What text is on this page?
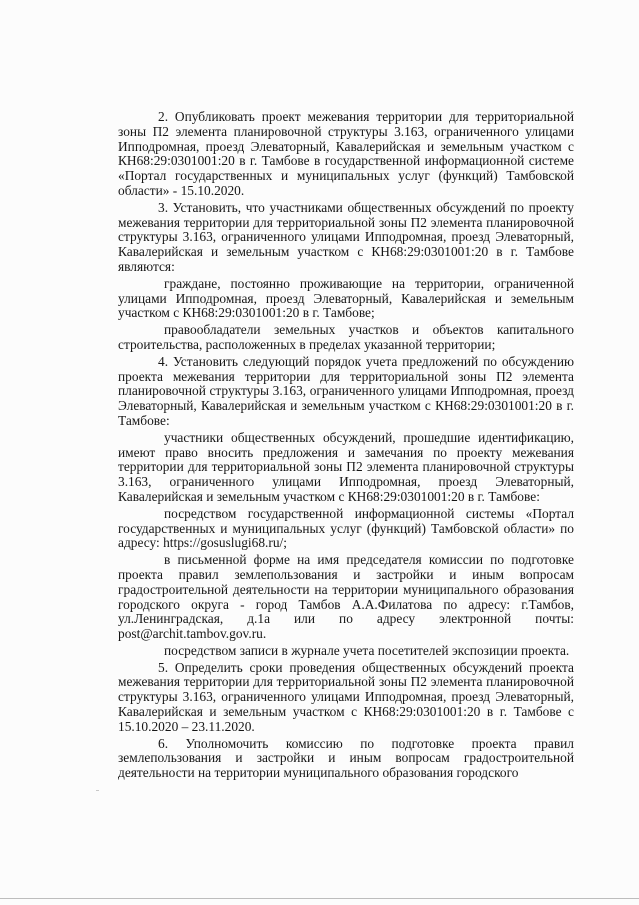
2. Опубликовать проект межевания территории для территориальной зоны П2 элемента планировочной структуры 3.163, ограниченного улицами Ипподромная, проезд Элеваторный, Кавалерийская и земельным участком с КН68:29:0301001:20 в г. Тамбове в государственной информационной системе «Портал государственных и муниципальных услуг (функций) Тамбовской области» - 15.10.2020.

3. Установить, что участниками общественных обсуждений по проекту межевания территории для территориальной зоны П2 элемента планировочной структуры 3.163, ограниченного улицами Ипподромная, проезд Элеваторный, Кавалерийская и земельным участком с КН68:29:0301001:20 в г. Тамбове являются:

граждане, постоянно проживающие на территории, ограниченной улицами Ипподромная, проезд Элеваторный, Кавалерийская и земельным участком с КН68:29:0301001:20 в г. Тамбове;

правообладатели земельных участков и объектов капитального строительства, расположенных в пределах указанной территории;

4. Установить следующий порядок учета предложений по обсуждению проекта межевания территории для территориальной зоны П2 элемента планировочной структуры 3.163, ограниченного улицами Ипподромная, проезд Элеваторный, Кавалерийская и земельным участком с КН68:29:0301001:20 в г. Тамбове:

участники общественных обсуждений, прошедшие идентификацию, имеют право вносить предложения и замечания по проекту межевания территории для территориальной зоны П2 элемента планировочной структуры 3.163, ограниченного улицами Ипподромная, проезд Элеваторный, Кавалерийская и земельным участком с КН68:29:0301001:20 в г. Тамбове:

посредством государственной информационной системы «Портал государственных и муниципальных услуг (функций) Тамбовской области» по адресу: https://gosuslugi68.ru/;

в письменной форме на имя председателя комиссии по подготовке проекта правил землепользования и застройки и иным вопросам градостроительной деятельности на территории муниципального образования городского округа - город Тамбов А.А.Филатова по адресу: г.Тамбов, ул.Ленинградская, д.1а или по адресу электронной почты: post@archit.tambov.gov.ru.

посредством записи в журнале учета посетителей экспозиции проекта.

5. Определить сроки проведения общественных обсуждений проекта межевания территории для территориальной зоны П2 элемента планировочной структуры 3.163, ограниченного улицами Ипподромная, проезд Элеваторный, Кавалерийская и земельным участком с КН68:29:0301001:20 в г. Тамбове с 15.10.2020 – 23.11.2020.

6. Уполномочить комиссию по подготовке проекта правил землепользования и застройки и иным вопросам градостроительной деятельности на территории муниципального образования городского
